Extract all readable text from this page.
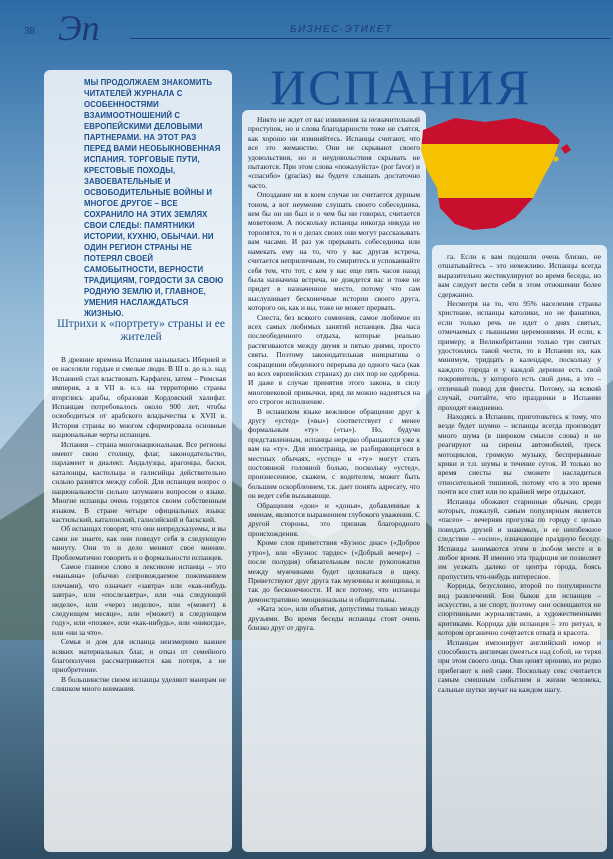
38 Эп	БИЗНЕС-ЭТИКЕТ
МЫ ПРОДОЛЖАЕМ ЗНАКОМИТЬ ЧИТАТЕЛЕЙ ЖУРНАЛА С ОСОБЕННОСТЯМИ ВЗАИМООТНОШЕНИЙ С ЕВРОПЕЙСКИМИ ДЕЛОВЫМИ ПАРТНЕРАМИ. НА ЭТОТ РАЗ ПЕРЕД ВАМИ НЕОБЫКНОВЕННАЯ ИСПАНИЯ. ТОРГОВЫЕ ПУТИ, КРЕСТОВЫЕ ПОХОДЫ, ЗАВОЕВАТЕЛЬНЫЕ И ОСВОБОДИТЕЛЬНЫЕ ВОЙНЫ И МНОГОЕ ДРУГОЕ – ВСЕ СОХРАНИЛО НА ЭТИХ ЗЕМЛЯХ СВОИ СЛЕДЫ: ПАМЯТНИКИ ИСТОРИИ, КУХНЮ, ОБЫЧАИ. НИ ОДИН РЕГИОН СТРАНЫ НЕ ПОТЕРЯЛ СВОЕЙ САМОБЫТНОСТИ, ВЕРНОСТИ ТРАДИЦИЯМ, ГОРДОСТИ ЗА СВОЮ РОДНУЮ ЗЕМЛЮ И, ГЛАВНОЕ, УМЕНИЯ НАСЛАЖДАТЬСЯ ЖИЗНЬЮ.
Штрихи к «портрету» страны и ее жителей
ИСПАНИЯ

В древние времена Испания называлась Иберией и ее населяли гордые и смелые люди. В III в. до н.э. над Испанией стал властвовать Карфаген, затем – Римская империя, а в VII в. н.э. на территорию страны вторглись арабы, образовав Кордовский халифат. Испанцам потребовалось около 900 лет, чтобы освободиться от арабского владычества к XVII в. История страны во многом сформировала основные национальные черты испанцев.

Испания – страна многонациональная. Все регионы имеют свою столицу, флаг, законодательство, парламент и диалект. Андалузцы, арагонцы, баски, каталонцы, кастильцы и галисийцы действительно сильно разнятся между собой. Для испанцев вопрос о национальности сильно затуманен вопросом о языке. Многие испанцы очень гордятся своим собственным языком. В стране четыре официальных языка: кастильский, каталонский, галисийский и баскский.

Об испанцах говорят, что они непредсказуемы, и вы сами не знаете, как они поведут себя в следующую минуту. Они то и дело меняют свое мнение. Проблематично говорить и о формальности испанцев.

Самое главное слово в лексиконе испанца – это «маньяна» (обычно сопровождаемое пожиманием плечами), что означает «завтра» или «как-нибудь завтра», или «послезавтра», или «на следующей неделе», или «через неделю», или «(может) в следующем месяце», или «(может) в следующем году», или «позже», или «как-нибудь», или «никогда», или «ни за что».

Семья и дом для испанца неизмеримо важнее всяких материальных благ, и отказ от семейного благополучия рассматривается как потеря, а не приобретение.

В большинстве своем испанцы уделяют манерам не слишком много внимания.

Никто не ждет от вас извинения за незначительный проступок, но и слова благодарности тоже не съятся, как хорошо ни извиняйтесь. Испанцы считают, что все это жеманство. Они не скрывают своего удовольствия, но и неудовольствия скрывать не пытаются. При этом слова «пожалуйста» (por favor) и «спасибо» (gracias) вы будете слышать достаточно часто.

Опоздание ни в коем случае не считается дурным тоном, а вот неумение слушать своего собеседника, кем бы он ни был и о чем бы ни говорил, считается моветоном. А поскольку испанцы никогда никуда не торопятся, то и о делах своих они могут рассказывать вам часами. И раз уж прерывать собеседника или намекать ему на то, что у вас другая встреча, считается неприличным, то смиритесь и успокаивайте себя тем, что тот, с кем у вас еще пять часов назад была назначена встреча, не дождется вас и тоже не придет в назначенное место, потому что сам выслушивает бесконечные истории своего друга, которого он, как и вы, тоже не может прервать.

Сиеста, без всякого сомнения, самое любимое из всех самых любимых занятий испанцев. Два часа послеобеденного отдыха, которые реально растягиваются между двумя и пятью днями, просто святы. Поэтому законодательная инициатива о сокращении обеденного перерыва до одного часа (как во всех европейских странах) до сих пор не одобрена. И даже в случае принятия этого закона, в силу многовековой привычки, вряд ли можно надеяться на его строгое исполнение.

В испанском языке вежливое обращение друг к другу «устед» («вы») соответствует с менее формальным «ту» («ты»). Но, будучи представленным, испанцы нередко обращаются уже к вам на «ту». Для иностранца, не разбирающегося в местных обычаях, «устед» и «ту» могут стать постоянной головной болью, поскольку «устед», произнесенное, скажем, с водителем, может быть большим оскорблением, т.к. дает понять адресату, что он ведет себя вызывающе.

Обращения «дон» и «донья», добавленные к именам, являются выражением глубокого уважения. С другой стороны, это признак благородного происхождения.

Кроме слов приветствия «Буэнос диас» («Доброе утро»), или «Буэнос тардес» («Добрый вечер») – после полудня) обязательным после рукопожатия между мужчинами будет целоваться в щеку. Приветствуют друг друга так мужчины и женщины, и так до бесконечности. И все потому, что испанцы демонстративно эмоциональны и общительны.

«Ката эсо», или объятия, допустимы только между друзьями. Во время беседы испанцы стоят очень близко друг от друга.

га. Если к вам подошли очень близко, не отшатывайтесь – это невежливо. Испанцы всегда выразительно жестикулируют во время беседы, но вам следует вести себя в этом отношении более сдержанно.

Несмотря на то, что 95% населения страны христиане, испанцы католики, но не фанатики, если только речь не идет о днях святых, отмечаемых с пышными церемониями. И если, к примеру, в Великобритании только три святых удостоились такой чести, то в Испании их, как минимум, тридцать в календаре, поскольку у каждого города и у каждой деревни есть свой покровитель, у которого есть свой день, а это – отличный повод для фиесты. Потому, на всякий случай, считайте, что праздники в Испании проходят ежедневно.

Находясь в Испании, приготовьтесь к тому, что везде будет шумно – испанцы всегда производят много шума (в широком смысле слова) и не реагируют на сирены автомобилей, треск мотоциклов, громкую музыку, беспрерывные крики и т.п. шумы в течение суток. И только во время сиесты вы сможете насладиться относительной тишиной, потому что в это время почти все спят или по крайней мере отдыхают.

Испанцы обожают старинные обычаи, среди которых, пожалуй, самым популярным является «пасео» – вечерняя прогулка по городу с целью повидать друзей и знакомых, и ее неизбежное следствие – «осио», означающее праздную беседу. Испанцы занимаются этим в любом месте и в любое время. И именно эта традиция не позволяет им уезжать далеко от центра города, боясь пропустить что-нибудь интересное.

Коррида, безусловно, второй по популярности вид развлечений. Бои быков для испанцев – искусство, а не спорт, поэтому они освещаются не спортивными журналистами, а художественными критиками. Коррида для испанцев – это ритуал, в котором органично сочетается отвага и красота.

Испанцам импонирует английский юмор и способность англичан смеяться над собой, не теряя при этом своего лица. Они ценят иронию, но редко прибегают к ней сами. Поскольку секс считается самым смешным событием в жизни человека, сальные шутки звучат на каждом шагу.
